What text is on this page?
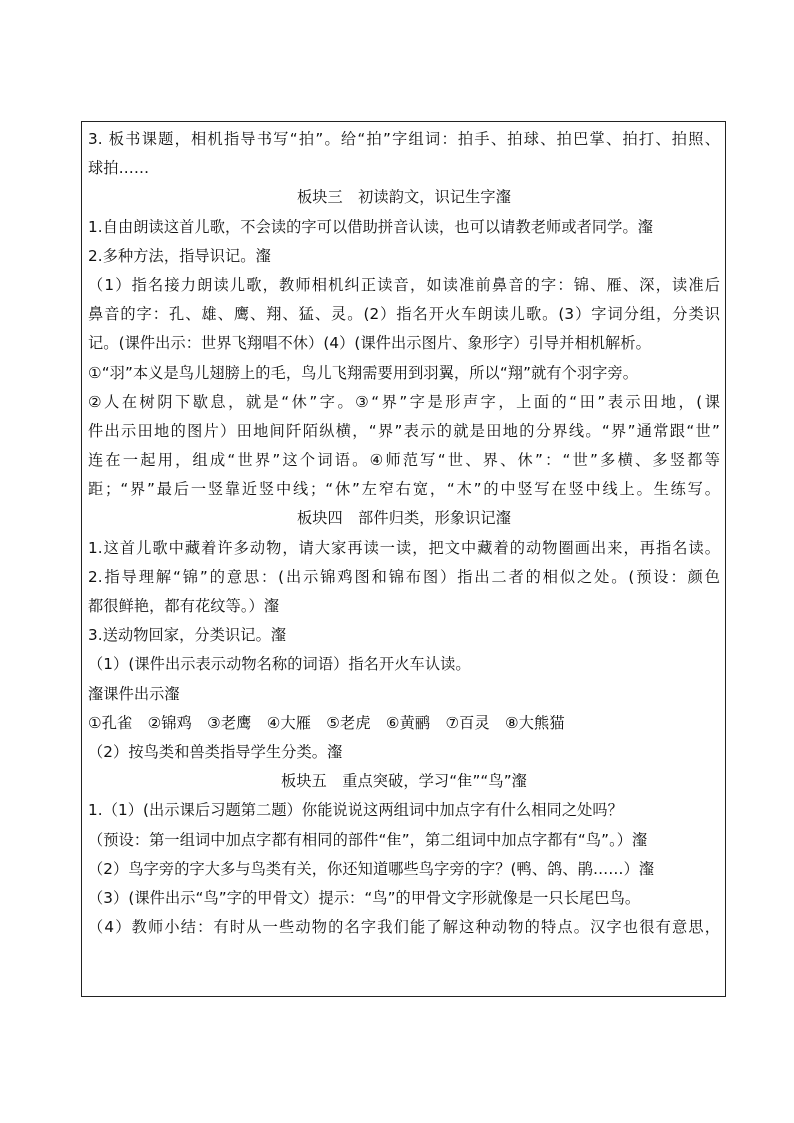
3. 板书课题，相机指导书写“拍”。给“拍”字组词：拍手、拍球、拍巴掌、拍打、拍照、
球拍……
板块三　初读韵文，识记生字瀣
1.自由朗读这首儿歌，不会读的字可以借助拼音认读，也可以请教老师或者同学。瀣
2.多种方法，指导识记。瀣
（1）指名接力朗读儿歌，教师相机纠正读音，如读准前鼻音的字：锦、雁、深，读准后
鼻音的字：孔、雄、鹰、翔、猛、灵。(2）指名开火车朗读儿歌。(3）字词分组，分类识
记。(课件出示：世界飞翔唱不休）(4）(课件出示图片、象形字）引导并相机解析。
①“羽”本义是鸟儿翅膀上的毛，鸟儿飞翔需要用到羽翼，所以“翔”就有个羽字旁。
②人在树阴下歇息，就是“休”字。③“界”字是形声字，上面的“田”表示田地，(课
件出示田地的图片）田地间阡陌纵横，“界”表示的就是田地的分界线。“界”通常跟“世”
连在一起用，组成“世界”这个词语。④师范写“世、界、休”：“世”多横、多竖都等
距；“界”最后一竖靠近竖中线；“休”左窄右宽，“木”的中竖写在竖中线上。生练写。
板块四　部件归类，形象识记瀣
1.这首儿歌中藏着许多动物，请大家再读一读，把文中藏着的动物圈画出来，再指名读。
2.指导理解“锦”的意思：(出示锦鸡图和锦布图）指出二者的相似之处。(预设：颜色
都很鲜艳，都有花纹等。）瀣
3.送动物回家，分类识记。瀣
（1）(课件出示表示动物名称的词语）指名开火车认读。
瀣课件出示瀣
①孔雀　②锦鸡　③老鹰　④大雁　⑤老虎　⑥黄鹂　⑦百灵　⑧大熊猫
（2）按鸟类和兽类指导学生分类。瀣
板块五　重点突破，学习“隹”“鸟”瀣
1.（1）(出示课后习题第二题）你能说说这两组词中加点字有什么相同之处吗？
（预设：第一组词中加点字都有相同的部件“隹”，第二组词中加点字都有“鸟”。）瀣
（2）鸟字旁的字大多与鸟类有关，你还知道哪些鸟字旁的字？(鸭、鸽、鹃……）瀣
（3）(课件出示“鸟”字的甲骨文）提示：“鸟”的甲骨文字形就像是一只长尾巴鸟。
（4）教师小结：有时从一些动物的名字我们能了解这种动物的特点。汉字也很有意思，
